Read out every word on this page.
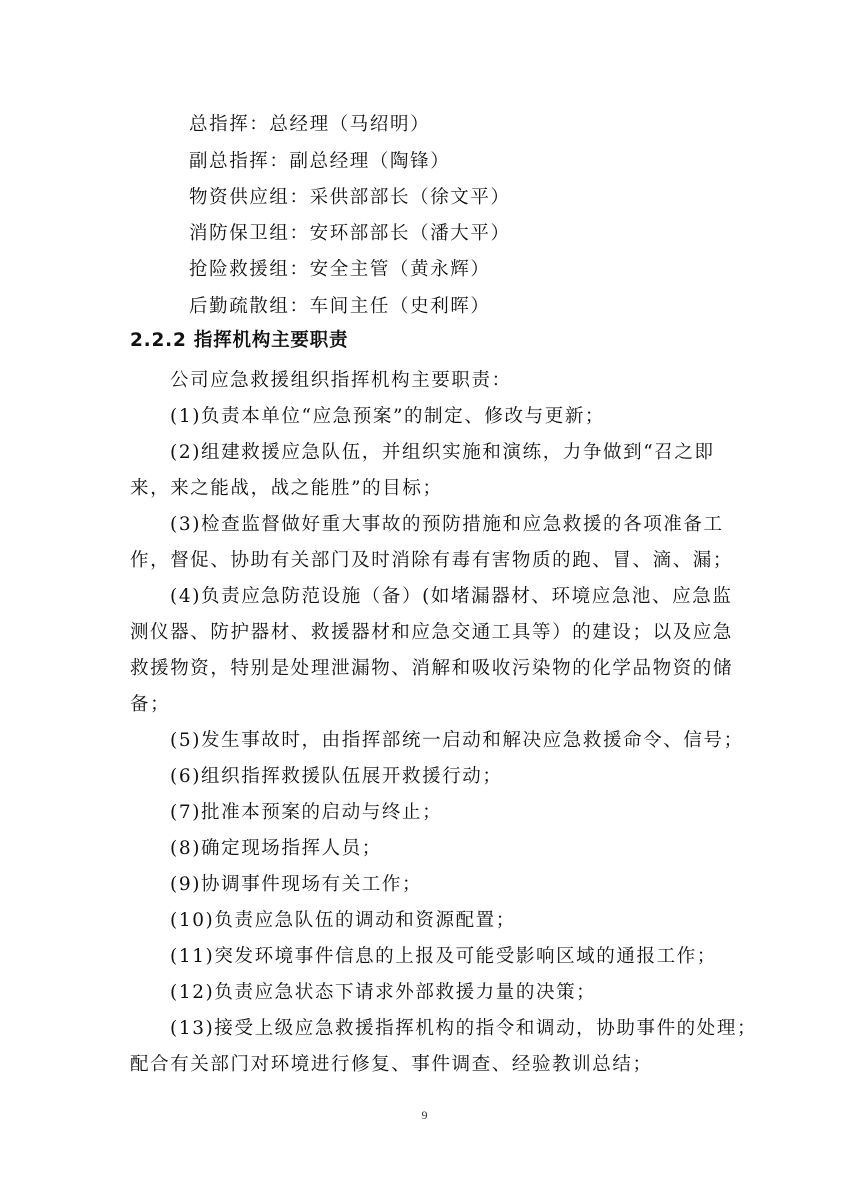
总指挥：总经理（马绍明）
副总指挥：副总经理（陶锋）
物资供应组：采供部部长（徐文平）
消防保卫组：安环部部长（潘大平）
抢险救援组：安全主管（黄永辉）
后勤疏散组：车间主任（史利晖）
2.2.2 指挥机构主要职责
公司应急救援组织指挥机构主要职责：
(1)负责本单位“应急预案”的制定、修改与更新；
(2)组建救援应急队伍，并组织实施和演练，力争做到“召之即
来，来之能战，战之能胜”的目标；
(3)检查监督做好重大事故的预防措施和应急救援的各项准备工
作，督促、协助有关部门及时消除有毒有害物质的跑、冒、滴、漏；
(4)负责应急防范设施（备）(如堵漏器材、环境应急池、应急监
测仪器、防护器材、救援器材和应急交通工具等）的建设；以及应急
救援物资，特别是处理泄漏物、消解和吸收污染物的化学品物资的储
备；
(5)发生事故时，由指挥部统一启动和解决应急救援命令、信号；
(6)组织指挥救援队伍展开救援行动；
(7)批准本预案的启动与终止；
(8)确定现场指挥人员；
(9)协调事件现场有关工作；
(10)负责应急队伍的调动和资源配置；
(11)突发环境事件信息的上报及可能受影响区域的通报工作；
(12)负责应急状态下请求外部救援力量的决策；
(13)接受上级应急救援指挥机构的指令和调动，协助事件的处理；
配合有关部门对环境进行修复、事件调查、经验教训总结；
9
